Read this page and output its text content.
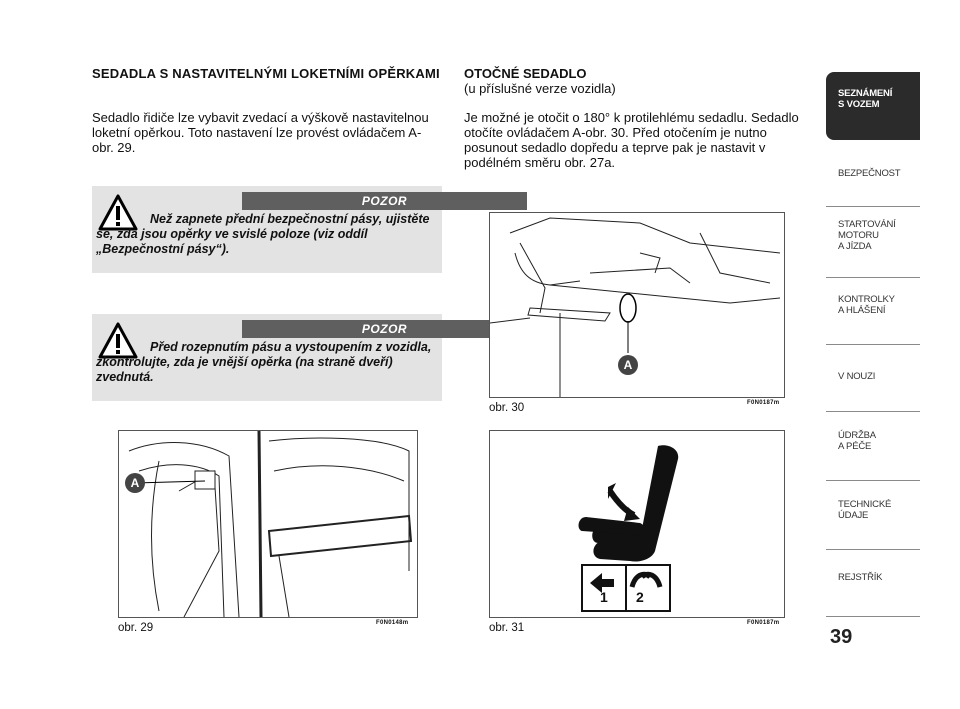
SEDADLA S NASTAVITELNÝMI LOKETNÍMI OPĚRKAMI
Sedadlo řidiče lze vybavit zvedací a výškově nastavitelnou loketní opěrkou. Toto nastavení lze provést ovládačem A-obr. 29.
POZOR
Než zapnete přední bezpečnostní pásy, ujistěte se, zda jsou opěrky ve svislé poloze (viz oddíl „Bezpečnostní pásy“).
POZOR
Před rozepnutím pásu a vystoupením z vozidla, zkontrolujte, zda je vnější opěrka (na straně dveří) zvednutá.
A
obr. 29	F0N0148m
OTOČNÉ SEDADLO
(u příslušné verze vozidla)
Je možné je otočit o 180° k protilehlému sedadlu. Sedadlo otočíte ovládačem A-obr. 30. Před otočením je nutno posunout sedadlo dopředu a teprve pak je nastavit v podélném směru obr. 27a.
A
obr. 30	F0N0187m
1 2
obr. 31	F0N0187m
SEZNÁMENÍ
S VOZEM
BEZPEČNOST
STARTOVÁNÍ
MOTORU
A JÍZDA
KONTROLKY
A HLÁŠENÍ
V NOUZI
ÚDRŽBA
A PÉČE
TECHNICKÉ
ÚDAJE
REJSTŘÍK
39
